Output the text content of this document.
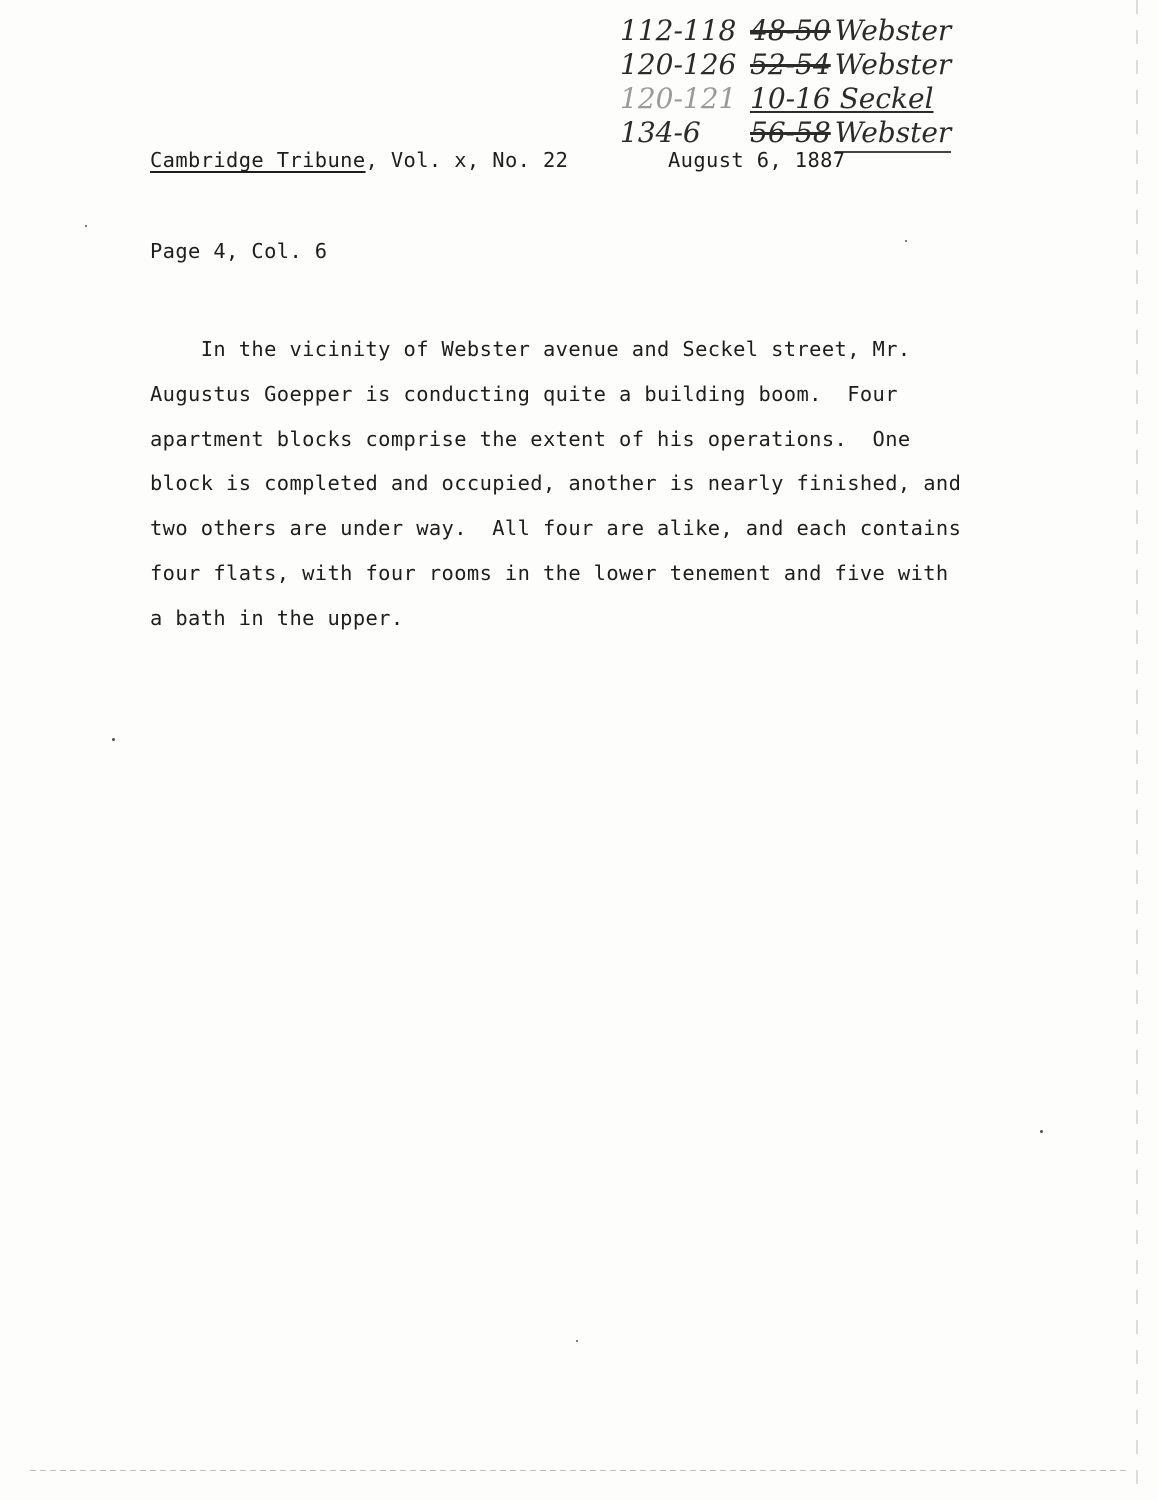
112-118 48-50 Webster
120-126 52-54 Webster
120-121 10-16 Seckel
134-6 56-58 Webster
Cambridge Tribune, Vol. x, No. 22	August 6, 1887
Page 4, Col. 6
In the vicinity of Webster avenue and Seckel street, Mr.
Augustus Goepper is conducting quite a building boom.  Four
apartment blocks comprise the extent of his operations.  One
block is completed and occupied, another is nearly finished, and
two others are under way.  All four are alike, and each contains
four flats, with four rooms in the lower tenement and five with
a bath in the upper.
